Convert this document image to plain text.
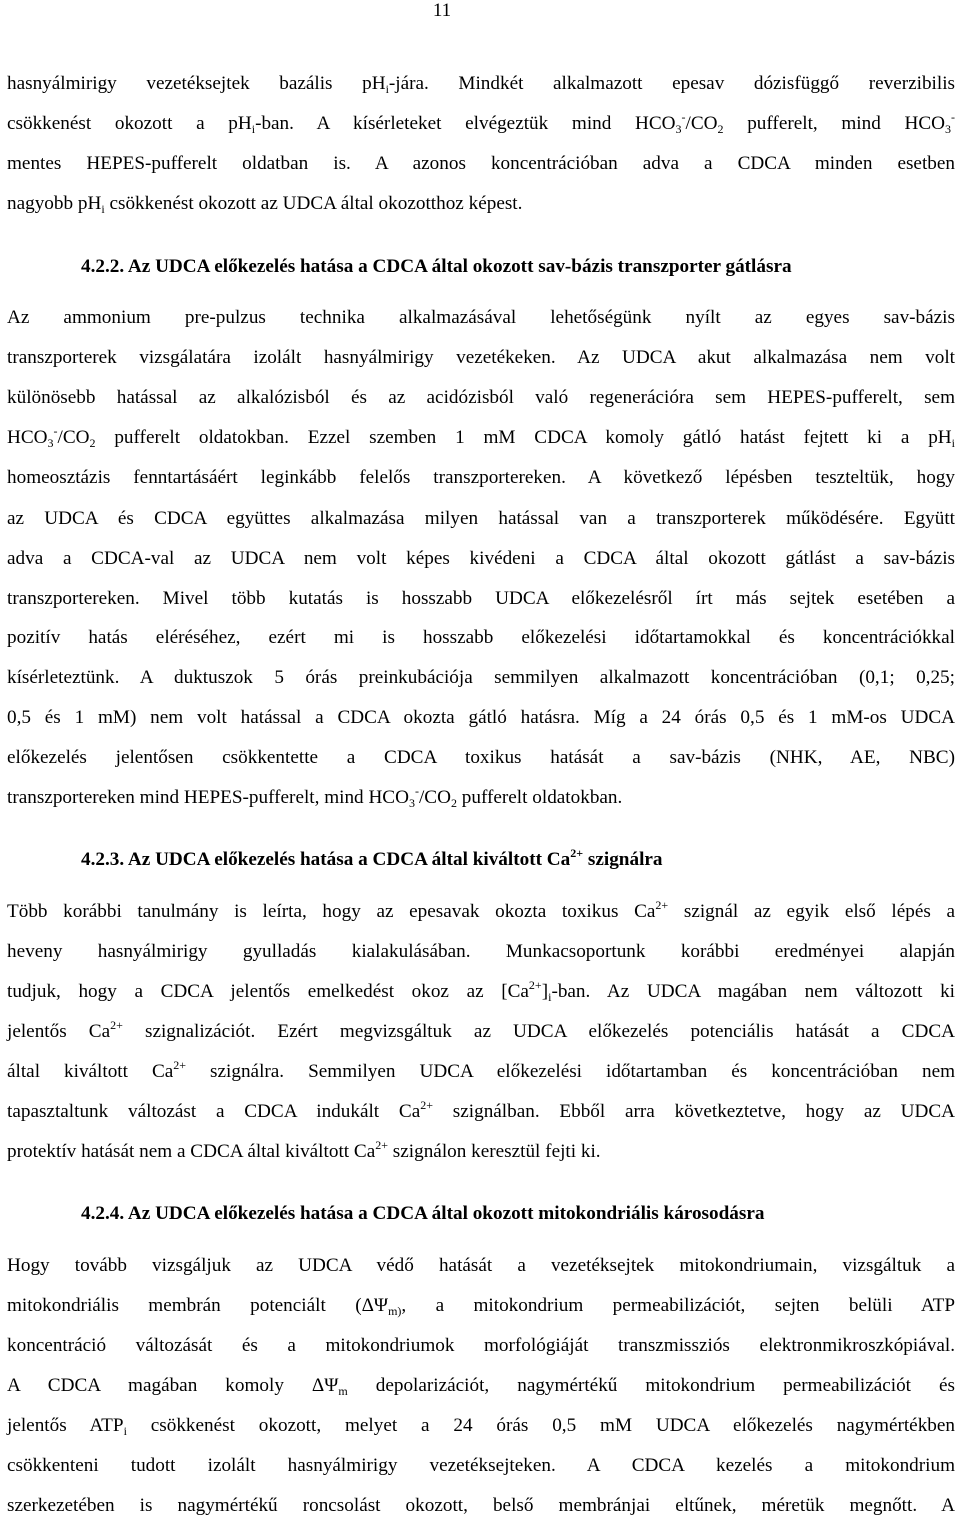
11
hasnyálmirigy vezetéksejtek bazális $pH_i$-jára. Mindkét alkalmazott epesav dózisfüggő reverzibilis
csökkenést okozott a $pH_i$-ban. A kísérleteket elvégeztük mind $HCO_3^-/CO_2$ pufferelt, mind $HCO_3^-$
mentes HEPES-pufferelt oldatban is. A azonos koncentrációban adva a CDCA minden esetben
nagyobb $pH_i$ csökkenést okozott az UDCA által okozotthoz képest.
4.2.2. Az UDCA előkezelés hatása a CDCA által okozott sav-bázis transzporter gátlásra
Az ammonium pre-pulzus technika alkalmazásával lehetőségünk nyílt az egyes sav-bázis
transzporterek vizsgálatára izolált hasnyálmirigy vezetékeken. Az UDCA akut alkalmazása nem volt
különösebb hatással az alkalózisból és az acidózisból való regenerációra sem HEPES-pufferelt, sem
$HCO_3^-/CO_2$ pufferelt oldatokban. Ezzel szemben 1 mM CDCA komoly gátló hatást fejtett ki a $pH_i$
homeosztázis fenntartásáért leginkább felelős transzportereken. A következő lépésben teszteltük, hogy
az UDCA és CDCA együttes alkalmazása milyen hatással van a transzporterek működésére. Együtt
adva a CDCA-val az UDCA nem volt képes kivédeni a CDCA által okozott gátlást a sav-bázis
transzportereken. Mivel több kutatás is hosszabb UDCA előkezelésről írt más sejtek esetében a
pozitív hatás eléréséhez, ezért mi is hosszabb előkezelési időtartamokkal és koncentrációkkal
kísérleteztünk. A duktuszok 5 órás preinkubációja semmilyen alkalmazott koncentrációban (0,1; 0,25;
0,5 és 1 mM) nem volt hatással a CDCA okozta gátló hatásra. Míg a 24 órás 0,5 és 1 mM-os UDCA
előkezelés jelentősen csökkentette a CDCA toxikus hatását a sav-bázis (NHK, AE, NBC)
transzportereken mind HEPES-pufferelt, mind $HCO_3^-/CO_2$ pufferelt oldatokban.
4.2.3. Az UDCA előkezelés hatása a CDCA által kiváltott $Ca^{2+}$ szignálra
Több korábbi tanulmány is leírta, hogy az epesavak okozta toxikus $Ca^{2+}$ szignál az egyik első lépés a
heveny hasnyálmirigy gyulladás kialakulásában. Munkacsoportunk korábbi eredményei alapján
tudjuk, hogy a CDCA jelentős emelkedést okoz az $[Ca^{2+}]_i$-ban. Az UDCA magában nem változott ki
jelentős $Ca^{2+}$ szignalizációt. Ezért megvizsgáltuk az UDCA előkezelés potenciális hatását a CDCA
által kiváltott $Ca^{2+}$ szignálra. Semmilyen UDCA előkezelési időtartamban és koncentrációban nem
tapasztaltunk változást a CDCA indukált $Ca^{2+}$ szignálban. Ebből arra következtetve, hogy az UDCA
protektív hatását nem a CDCA által kiváltott $Ca^{2+}$ szignálon keresztül fejti ki.
4.2.4. Az UDCA előkezelés hatása a CDCA által okozott mitokondriális károsodásra
Hogy tovább vizsgáljuk az UDCA védő hatását a vezetéksejtek mitokondriumain, vizsgáltuk a
mitokondriális membrán potenciált ($\Delta\Psi_{m)}$, a mitokondrium permeabilizációt, sejten belüli ATP
koncentráció változását és a mitokondriumok morfológiáját transzmissziós elektronmikroszkópiával.
A CDCA magában komoly $\Delta\Psi_m$ depolarizációt, nagymértékű mitokondrium permeabilizációt és
jelentős $ATP_i$ csökkenést okozott, melyet a 24 órás 0,5 mM UDCA előkezelés nagymértékben
csökkenteni tudott izolált hasnyálmirigy vezetéksejteken. A CDCA kezelés a mitokondrium
szerkezetében is nagymértékű roncsolást okozott, belső membránjai eltűnek, méretük megnőtt. A
